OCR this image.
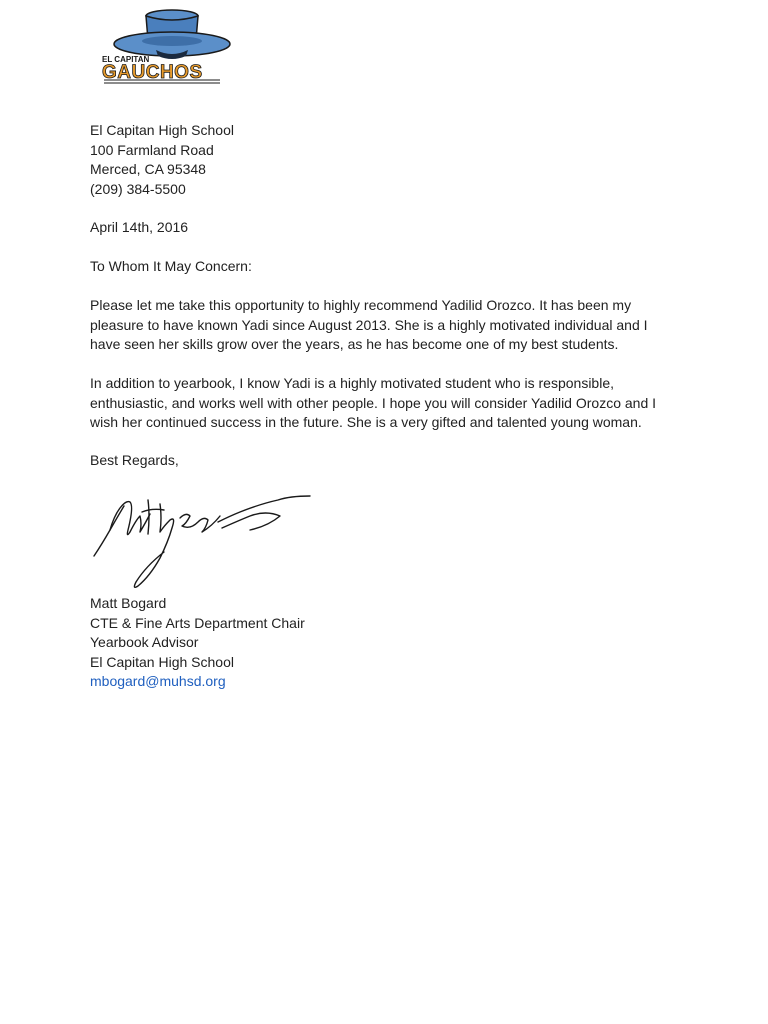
EL CAPITAN
GAUCHOS
El Capitan High School
100 Farmland Road
Merced, CA 95348
(209) 384-5500
April 14th, 2016
To Whom It May Concern:
Please let me take this opportunity to highly recommend Yadilid Orozco. It has been my
pleasure to have known Yadi since August 2013. She is a highly motivated individual and I
have seen her skills grow over the years, as he has become one of my best students.
In addition to yearbook, I know Yadi is a highly motivated student who is responsible,
enthusiastic, and works well with other people. I hope you will consider Yadilid Orozco and I
wish her continued success in the future. She is a very gifted and talented young woman.
Best Regards,
Matt Bogard
CTE & Fine Arts Department Chair
Yearbook Advisor
El Capitan High School
mbogard@muhsd.org
